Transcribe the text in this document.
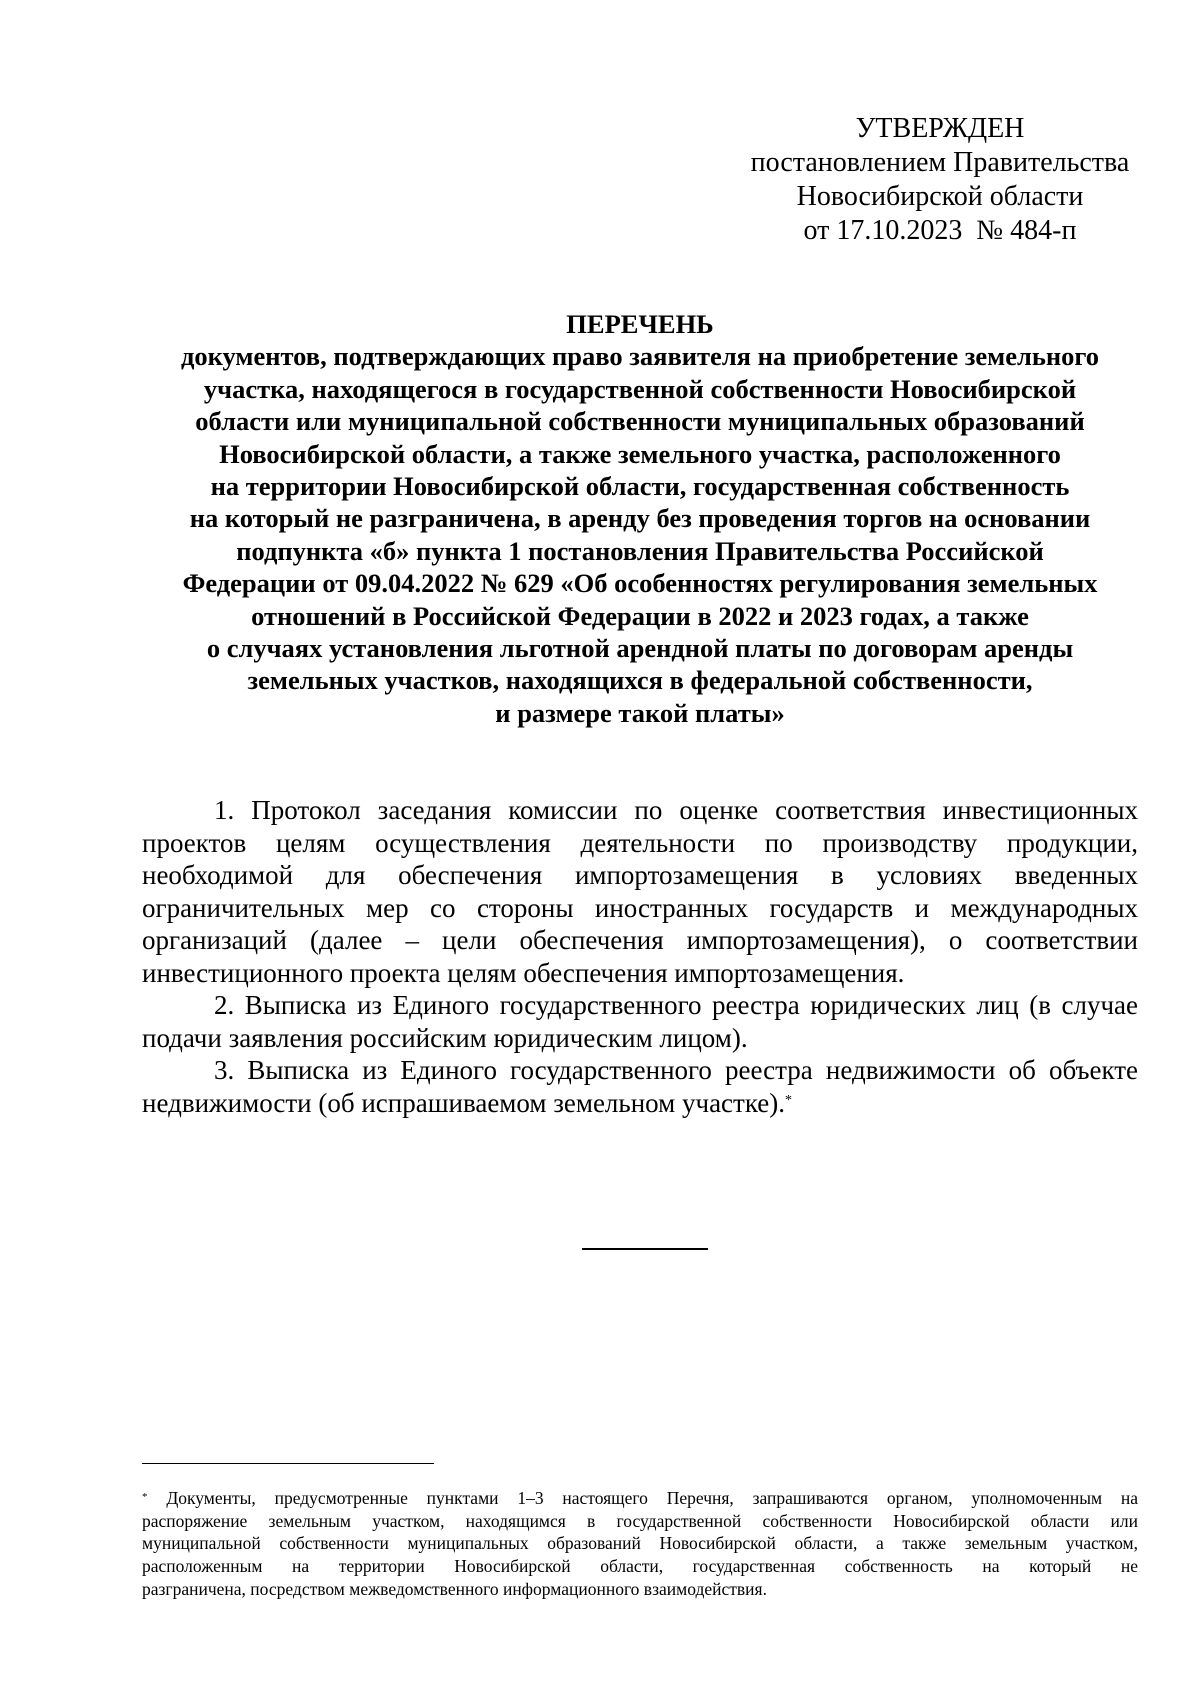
УТВЕРЖДЕН
постановлением Правительства
Новосибирской области
от 17.10.2023  № 484-п
ПЕРЕЧЕНЬ
документов, подтверждающих право заявителя на приобретение земельного
участка, находящегося в государственной собственности Новосибирской
области или муниципальной собственности муниципальных образований
Новосибирской области, а также земельного участка, расположенного
на территории Новосибирской области, государственная собственность
на который не разграничена, в аренду без проведения торгов на основании
подпункта «б» пункта 1 постановления Правительства Российской
Федерации от 09.04.2022 № 629 «Об особенностях регулирования земельных
отношений в Российской Федерации в 2022 и 2023 годах, а также
о случаях установления льготной арендной платы по договорам аренды
земельных участков, находящихся в федеральной собственности,
и размере такой платы»
1. Протокол заседания комиссии по оценке соответствия инвестиционных
проектов целям осуществления деятельности по производству продукции,
необходимой для обеспечения импортозамещения в условиях введенных
ограничительных мер со стороны иностранных государств и международных
организаций (далее – цели обеспечения импортозамещения), о соответствии
инвестиционного проекта целям обеспечения импортозамещения.
2. Выписка из Единого государственного реестра юридических лиц (в случае
подачи заявления российским юридическим лицом).
3. Выписка из Единого государственного реестра недвижимости об объекте
недвижимости (об испрашиваемом земельном участке).*
* Документы, предусмотренные пунктами 1–3 настоящего Перечня, запрашиваются органом, уполномоченным на
распоряжение земельным участком, находящимся в государственной собственности Новосибирской области или
муниципальной собственности муниципальных образований Новосибирской области, а также земельным участком,
расположенным на территории Новосибирской области, государственная собственность на который не
разграничена, посредством межведомственного информационного взаимодействия.
